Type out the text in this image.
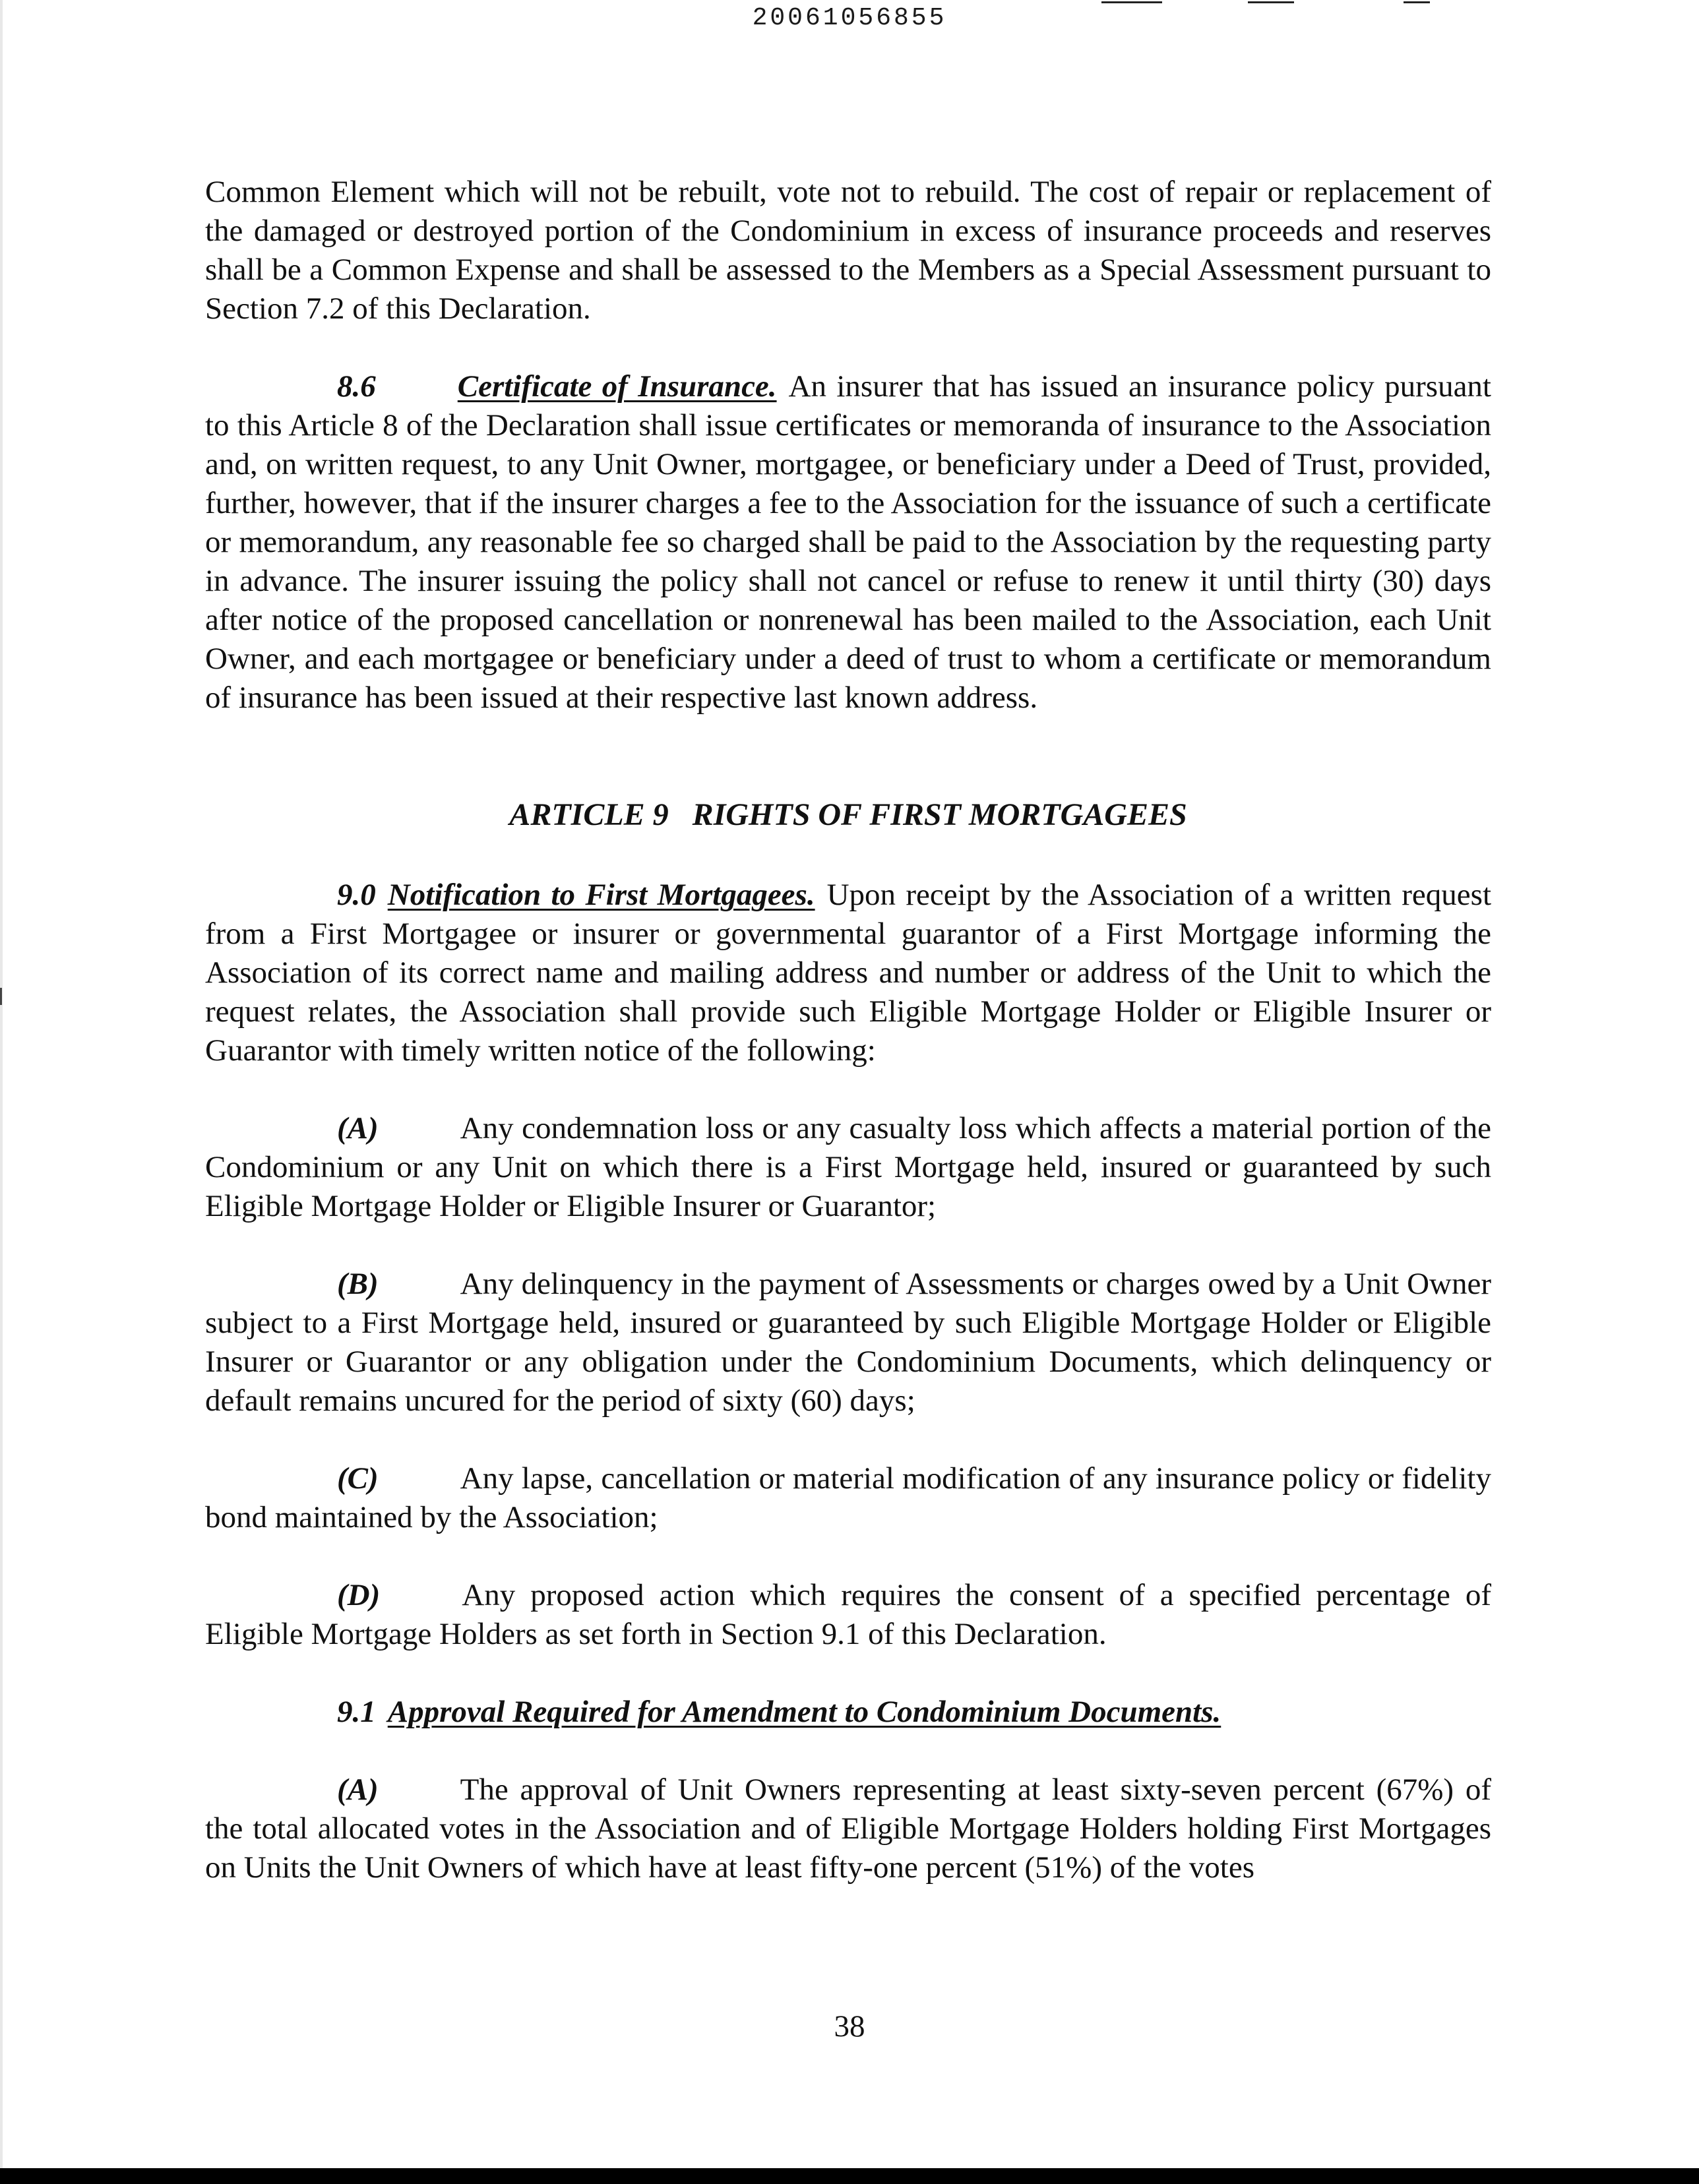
20061056855

Common Element which will not be rebuilt, vote not to rebuild. The cost of repair or replacement of the damaged or destroyed portion of the Condominium in excess of insurance proceeds and reserves shall be a Common Expense and shall be assessed to the Members as a Special Assessment pursuant to Section 7.2 of this Declaration.

8.6	Certificate of Insurance. An insurer that has issued an insurance policy pursuant to this Article 8 of the Declaration shall issue certificates or memoranda of insurance to the Association and, on written request, to any Unit Owner, mortgagee, or beneficiary under a Deed of Trust, provided, further, however, that if the insurer charges a fee to the Association for the issuance of such a certificate or memorandum, any reasonable fee so charged shall be paid to the Association by the requesting party in advance. The insurer issuing the policy shall not cancel or refuse to renew it until thirty (30) days after notice of the proposed cancellation or nonrenewal has been mailed to the Association, each Unit Owner, and each mortgagee or beneficiary under a deed of trust to whom a certificate or memorandum of insurance has been issued at their respective last known address.

ARTICLE 9   RIGHTS OF FIRST MORTGAGEES

9.0 Notification to First Mortgagees. Upon receipt by the Association of a written request from a First Mortgagee or insurer or governmental guarantor of a First Mortgage informing the Association of its correct name and mailing address and number or address of the Unit to which the request relates, the Association shall provide such Eligible Mortgage Holder or Eligible Insurer or Guarantor with timely written notice of the following:

(A)	Any condemnation loss or any casualty loss which affects a material portion of the Condominium or any Unit on which there is a First Mortgage held, insured or guaranteed by such Eligible Mortgage Holder or Eligible Insurer or Guarantor;

(B)	Any delinquency in the payment of Assessments or charges owed by a Unit Owner subject to a First Mortgage held, insured or guaranteed by such Eligible Mortgage Holder or Eligible Insurer or Guarantor or any obligation under the Condominium Documents, which delinquency or default remains uncured for the period of sixty (60) days;

(C)	Any lapse, cancellation or material modification of any insurance policy or fidelity bond maintained by the Association;

(D)	Any proposed action which requires the consent of a specified percentage of Eligible Mortgage Holders as set forth in Section 9.1 of this Declaration.

9.1 Approval Required for Amendment to Condominium Documents.

(A)	The approval of Unit Owners representing at least sixty-seven percent (67%) of the total allocated votes in the Association and of Eligible Mortgage Holders holding First Mortgages on Units the Unit Owners of which have at least fifty-one percent (51%) of the votes

38
